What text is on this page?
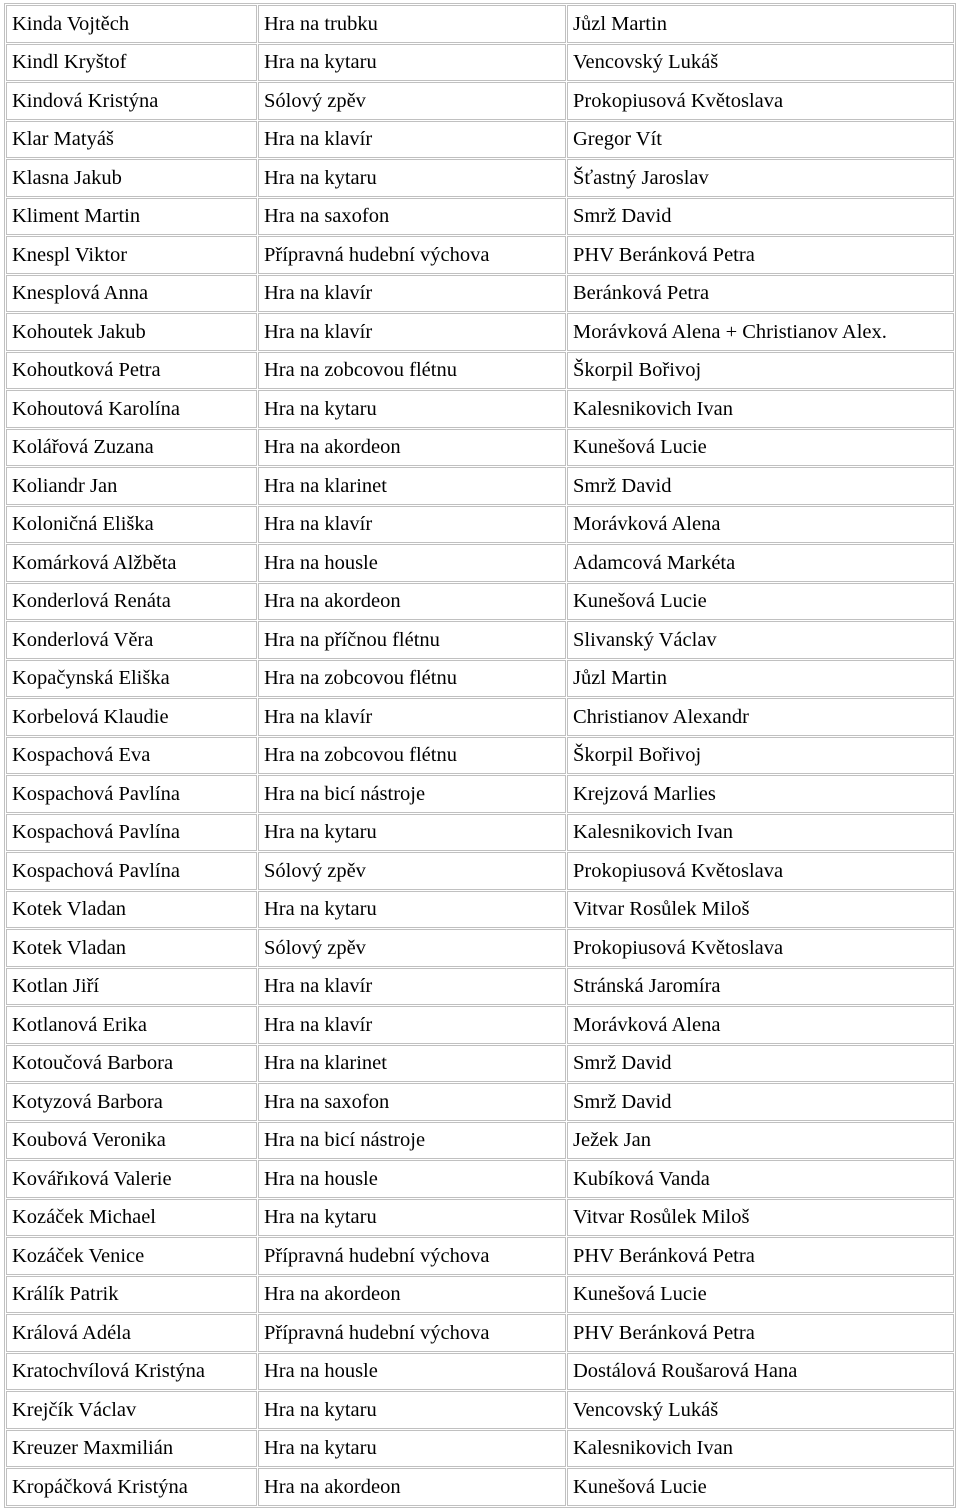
Kinda Vojtěch	Hra na trubku	Jůzl Martin
Kindl Kryštof	Hra na kytaru	Vencovský Lukáš
Kindová Kristýna	Sólový zpěv	Prokopiusová Květoslava
Klar Matyáš	Hra na klavír	Gregor Vít
Klasna Jakub	Hra na kytaru	Šťastný Jaroslav
Kliment Martin	Hra na saxofon	Smrž David
Knespl Viktor	Přípravná hudební výchova	PHV Beránková Petra
Knesplová Anna	Hra na klavír	Beránková Petra
Kohoutek Jakub	Hra na klavír	Morávková Alena + Christianov Alex.
Kohoutková Petra	Hra na zobcovou flétnu	Škorpil Bořivoj
Kohoutová Karolína	Hra na kytaru	Kalesnikovich Ivan
Kolářová Zuzana	Hra na akordeon	Kunešová Lucie
Koliandr Jan	Hra na klarinet	Smrž David
Koloničná Eliška	Hra na klavír	Morávková Alena
Komárková Alžběta	Hra na housle	Adamcová Markéta
Konderlová Renáta	Hra na akordeon	Kunešová Lucie
Konderlová Věra	Hra na příčnou flétnu	Slivanský Václav
Kopačynská Eliška	Hra na zobcovou flétnu	Jůzl Martin
Korbelová Klaudie	Hra na klavír	Christianov Alexandr
Kospachová Eva	Hra na zobcovou flétnu	Škorpil Bořivoj
Kospachová Pavlína	Hra na bicí nástroje	Krejzová Marlies
Kospachová Pavlína	Hra na kytaru	Kalesnikovich Ivan
Kospachová Pavlína	Sólový zpěv	Prokopiusová Květoslava
Kotek Vladan	Hra na kytaru	Vitvar Rosůlek Miloš
Kotek Vladan	Sólový zpěv	Prokopiusová Květoslava
Kotlan Jiří	Hra na klavír	Stránská Jaromíra
Kotlanová Erika	Hra na klavír	Morávková Alena
Kotoučová Barbora	Hra na klarinet	Smrž David
Kotyzová Barbora	Hra na saxofon	Smrž David
Koubová Veronika	Hra na bicí nástroje	Ježek Jan
Kovářıková Valerie	Hra na housle	Kubíková Vanda
Kozáček Michael	Hra na kytaru	Vitvar Rosůlek Miloš
Kozáček Venice	Přípravná hudební výchova	PHV Beránková Petra
Králík Patrik	Hra na akordeon	Kunešová Lucie
Králová Adéla	Přípravná hudební výchova	PHV Beránková Petra
Kratochvílová Kristýna	Hra na housle	Dostálová Roušarová Hana
Krejčík Václav	Hra na kytaru	Vencovský Lukáš
Kreuzer Maxmilián	Hra na kytaru	Kalesnikovich Ivan
Kropáčková Kristýna	Hra na akordeon	Kunešová Lucie
